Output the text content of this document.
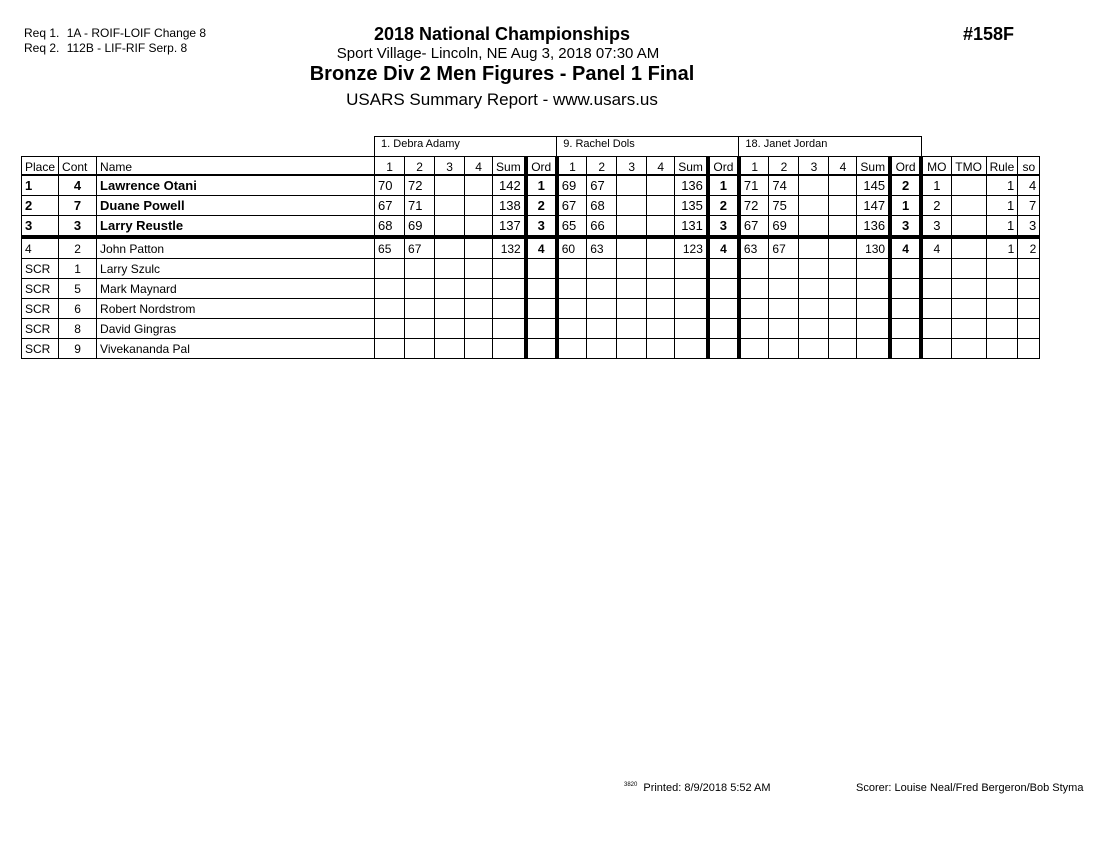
Req 1. 1A - ROIF-LOIF Change 8
Req 2. 112B - LIF-RIF Serp. 8
2018 National Championships
Sport Village- Lincoln, NE Aug 3, 2018 07:30 AM
Bronze Div 2 Men Figures - Panel 1 Final
USARS Summary Report - www.usars.us
#158F
			1. Debra Adamy						9. Rachel Dols						18. Janet Jordan									
Place	Cont	Name	1	2	3	4	Sum	Ord	1	2	3	4	Sum	Ord	1	2	3	4	Sum	Ord	MO	TMO	Rule	so
1	4	Lawrence Otani	70	72			142	1	69	67			136	1	71	74			145	2	1		1	4
2	7	Duane Powell	67	71			138	2	67	68			135	2	72	75			147	1	2		1	7
3	3	Larry Reustle	68	69			137	3	65	66			131	3	67	69			136	3	3		1	3
4	2	John Patton	65	67			132	4	60	63			123	4	63	67			130	4	4		1	2
SCR	1	Larry Szulc																						
SCR	5	Mark Maynard																						
SCR	6	Robert Nordstrom																						
SCR	8	David Gingras																						
SCR	9	Vivekananda Pal																						
$^{3820}$ Printed: 8/9/2018 5:52 AM	Scorer: Louise Neal/Fred Bergeron/Bob Styma
